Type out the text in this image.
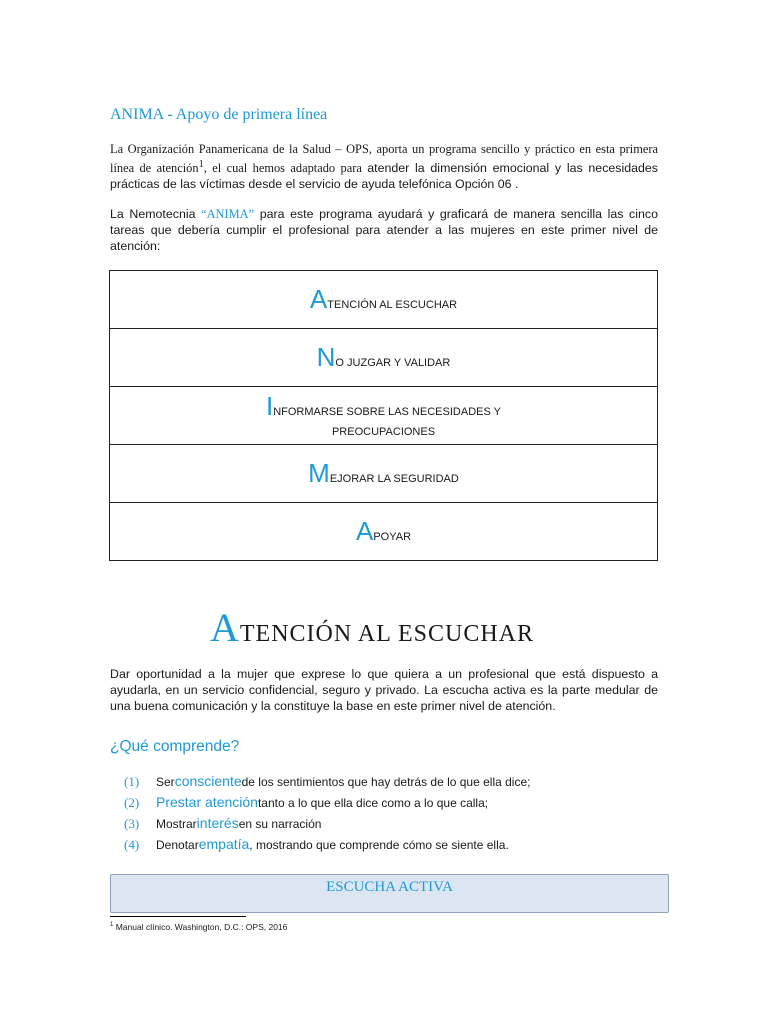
ANIMA - Apoyo de primera línea
La Organización Panamericana de la Salud – OPS, aporta un programa sencillo y práctico en esta primera línea de atención$^1$, el cual hemos adaptado para atender la dimensión emocional y las necesidades prácticas de las víctimas desde el servicio de ayuda telefónica Opción 06 .
La Nemotecnia “ANIMA” para este programa ayudará y graficará de manera sencilla las cinco tareas que debería cumplir el profesional para atender a las mujeres en este primer nivel de atención:
ATENCIÓN AL ESCUCHAR
NO JUZGAR Y VALIDAR
INFORMARSE SOBRE LAS NECESIDADES Y
PREOCUPACIONES
MEJORAR LA SEGURIDAD
APOYAR
ATENCIÓN AL ESCUCHAR
Dar oportunidad a la mujer que exprese lo que quiera a un profesional que está dispuesto a ayudarla, en un servicio confidencial, seguro y privado. La escucha activa es la parte medular de una buena comunicación y la constituye la base en este primer nivel de atención.
¿Qué comprende?
(1)	Ser consciente de los sentimientos que hay detrás de lo que ella dice;
(2)	Prestar atención tanto a lo que ella dice como a lo que calla;
(3)	Mostrar interés en su narración
(4)	Denotar empatía , mostrando que comprende cómo se siente ella.
ESCUCHA ACTIVA
$^1$ Manual clínico. Washington, D.C.: OPS, 2016
